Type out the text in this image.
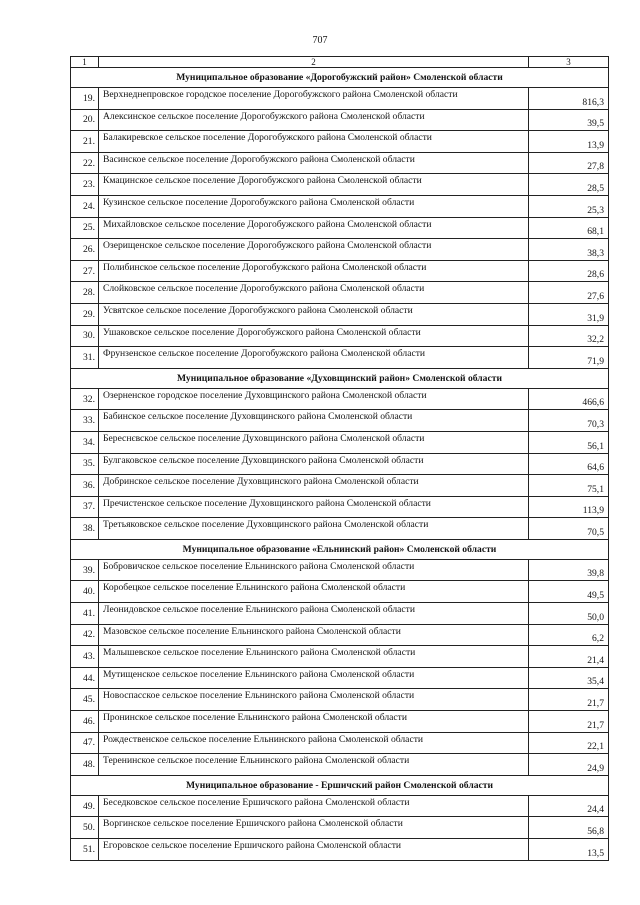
707
1	2	3
Муниципальное образование «Дорогобужский район» Смоленской области		
19.	Верхнеднепровское городское поселение Дорогобужского района Смоленской области	816,3
20.	Алексинское сельское поселение Дорогобужского района Смоленской области	39,5
21.	Балакиревское сельское поселение Дорогобужского района Смоленской области	13,9
22.	Васинское сельское поселение Дорогобужского района Смоленской области	27,8
23.	Кмацинское сельское поселение Дорогобужского района Смоленской области	28,5
24.	Кузинское сельское поселение Дорогобужского района Смоленской области	25,3
25.	Михайловское сельское поселение Дорогобужского района Смоленской области	68,1
26.	Озерищенское сельское поселение Дорогобужского района Смоленской области	38,3
27.	Полибинское сельское поселение Дорогобужского района Смоленской области	28,6
28.	Слойковское сельское поселение Дорогобужского района Смоленской области	27,6
29.	Усвятское сельское поселение Дорогобужского района Смоленской области	31,9
30.	Ушаковское сельское поселение Дорогобужского района Смоленской области	32,2
31.	Фрунзенское сельское поселение Дорогобужского района Смоленской области	71,9
Муниципальное образование «Духовщинский район» Смоленской области		
32.	Озерненское городское поселение Духовщинского района Смоленской области	466,6
33.	Бабинское сельское поселение Духовщинского района Смоленской области	70,3
34.	Береснєвское сельское поселение Духовщинского района Смоленской области	56,1
35.	Булгаковское сельское поселение Духовщинского района Смоленской области	64,6
36.	Добринское сельское поселение Духовщинского района Смоленской области	75,1
37.	Пречистенское сельское поселение Духовщинского района Смоленской области	113,9
38.	Третьяковское сельское поселение Духовщинского района Смоленской области	70,5
Муниципальное образование «Ельнинский район» Смоленской области		
39.	Бобровичское сельское поселение Ельнинского района Смоленской области	39,8
40.	Коробецкое сельское поселение Ельнинского района Смоленской области	49,5
41.	Леонидовское сельское поселение Ельнинского района Смоленской области	50,0
42.	Мазовское сельское поселение Ельнинского района Смоленской области	6,2
43.	Малышевское сельское поселение Ельнинского района Смоленской области	21,4
44.	Мутищенское сельское поселение Ельнинского района Смоленской области	35,4
45.	Новоспасское сельское поселение Ельнинского района Смоленской области	21,7
46.	Пронинское сельское поселение Ельнинского района Смоленской области	21,7
47.	Рождественское сельское поселение Ельнинского района Смоленской области	22,1
48.	Теренинское сельское поселение Ельнинского района Смоленской области	24,9
Муниципальное образование - Ершичский район Смоленской области		
49.	Беседковское сельское поселение Ершичского района Смоленской области	24,4
50.	Воргинское сельское поселение Ершичского района Смоленской области	56,8
51.	Егоровское сельское поселение Ершичского района Смоленской области	13,5
